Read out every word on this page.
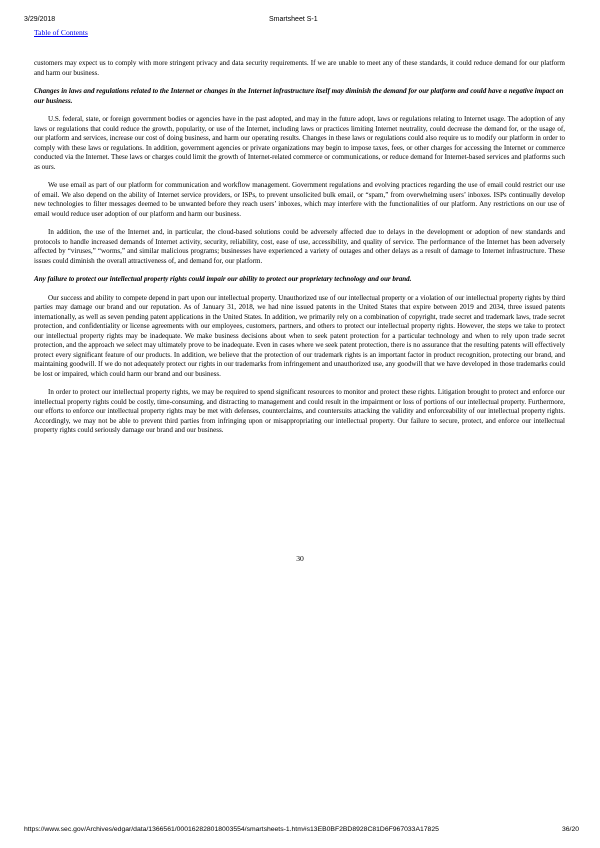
3/29/2018	Smartsheet S-1
Table of Contents

customers may expect us to comply with more stringent privacy and data security requirements. If we are unable to meet any of these standards, it could reduce demand for our platform and harm our business.

Changes in laws and regulations related to the Internet or changes in the Internet infrastructure itself may diminish the demand for our platform and could have a negative impact on our business.

U.S. federal, state, or foreign government bodies or agencies have in the past adopted, and may in the future adopt, laws or regulations relating to Internet usage. The adoption of any laws or regulations that could reduce the growth, popularity, or use of the Internet, including laws or practices limiting Internet neutrality, could decrease the demand for, or the usage of, our platform and services, increase our cost of doing business, and harm our operating results. Changes in these laws or regulations could also require us to modify our platform in order to comply with these laws or regulations. In addition, government agencies or private organizations may begin to impose taxes, fees, or other charges for accessing the Internet or commerce conducted via the Internet. These laws or charges could limit the growth of Internet-related commerce or communications, or reduce demand for Internet-based services and platforms such as ours.

We use email as part of our platform for communication and workflow management. Government regulations and evolving practices regarding the use of email could restrict our use of email. We also depend on the ability of Internet service providers, or ISPs, to prevent unsolicited bulk email, or “spam,” from overwhelming users’ inboxes. ISPs continually develop new technologies to filter messages deemed to be unwanted before they reach users’ inboxes, which may interfere with the functionalities of our platform. Any restrictions on our use of email would reduce user adoption of our platform and harm our business.

In addition, the use of the Internet and, in particular, the cloud-based solutions could be adversely affected due to delays in the development or adoption of new standards and protocols to handle increased demands of Internet activity, security, reliability, cost, ease of use, accessibility, and quality of service. The performance of the Internet has been adversely affected by “viruses,” “worms,” and similar malicious programs; businesses have experienced a variety of outages and other delays as a result of damage to Internet infrastructure. These issues could diminish the overall attractiveness of, and demand for, our platform.

Any failure to protect our intellectual property rights could impair our ability to protect our proprietary technology and our brand.

Our success and ability to compete depend in part upon our intellectual property. Unauthorized use of our intellectual property or a violation of our intellectual property rights by third parties may damage our brand and our reputation. As of January 31, 2018, we had nine issued patents in the United States that expire between 2019 and 2034, three issued patents internationally, as well as seven pending patent applications in the United States. In addition, we primarily rely on a combination of copyright, trade secret and trademark laws, trade secret protection, and confidentiality or license agreements with our employees, customers, partners, and others to protect our intellectual property rights. However, the steps we take to protect our intellectual property rights may be inadequate. We make business decisions about when to seek patent protection for a particular technology and when to rely upon trade secret protection, and the approach we select may ultimately prove to be inadequate. Even in cases where we seek patent protection, there is no assurance that the resulting patents will effectively protect every significant feature of our products. In addition, we believe that the protection of our trademark rights is an important factor in product recognition, protecting our brand, and maintaining goodwill. If we do not adequately protect our rights in our trademarks from infringement and unauthorized use, any goodwill that we have developed in those trademarks could be lost or impaired, which could harm our brand and our business.

In order to protect our intellectual property rights, we may be required to spend significant resources to monitor and protect these rights. Litigation brought to protect and enforce our intellectual property rights could be costly, time-consuming, and distracting to management and could result in the impairment or loss of portions of our intellectual property. Furthermore, our efforts to enforce our intellectual property rights may be met with defenses, counterclaims, and countersuits attacking the validity and enforceability of our intellectual property rights. Accordingly, we may not be able to prevent third parties from infringing upon or misappropriating our intellectual property. Our failure to secure, protect, and enforce our intellectual property rights could seriously damage our brand and our business.

30
https://www.sec.gov/Archives/edgar/data/1366561/000162828018003554/smartsheets-1.htm#s13EB0BF2BD8928C81D6F967033A17825	36/20
